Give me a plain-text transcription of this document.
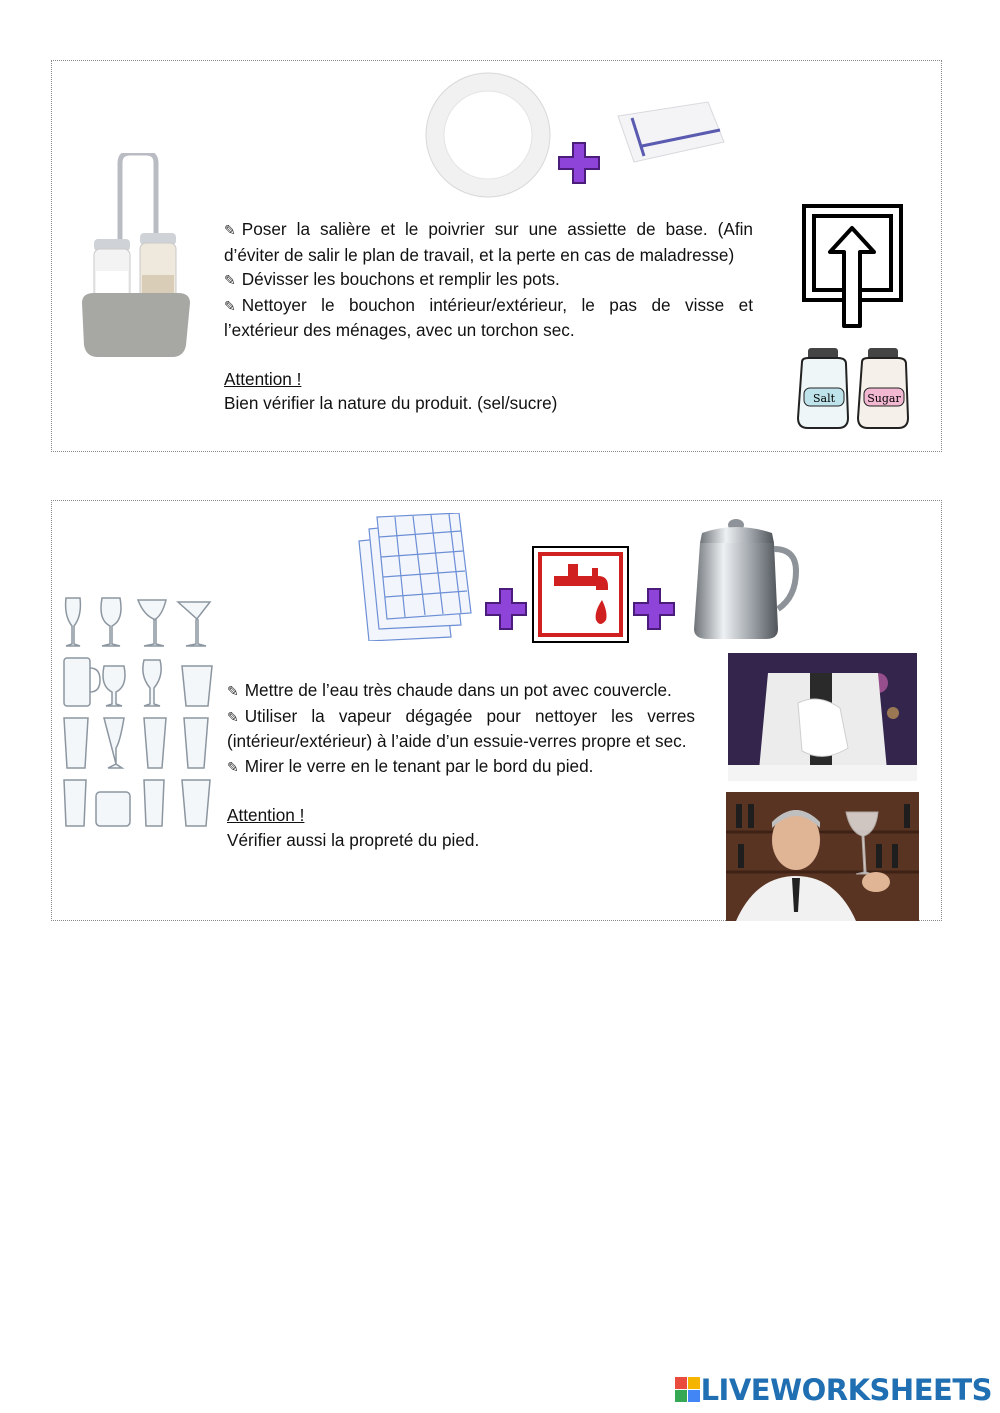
Salt	Sugar
✎ Poser la salière et le poivrier sur une assiette de base. (Afin d’éviter de salir le plan de travail, et la perte en cas de maladresse)
✎ Dévisser les bouchons et remplir les pots.
✎ Nettoyer le bouchon intérieur/extérieur, le pas de visse et l’extérieur des ménages, avec un torchon sec.
Attention !
Bien vérifier la nature du produit. (sel/sucre)
✎ Mettre de l’eau très chaude dans un pot avec couvercle.
✎ Utiliser la vapeur dégagée pour nettoyer les verres (intérieur/extérieur) à l’aide d’un essuie-verres propre et sec.
✎ Mirer le verre en le tenant par le bord du pied.
Attention !
Vérifier aussi la propreté du pied.
LIVEWORKSHEETS
